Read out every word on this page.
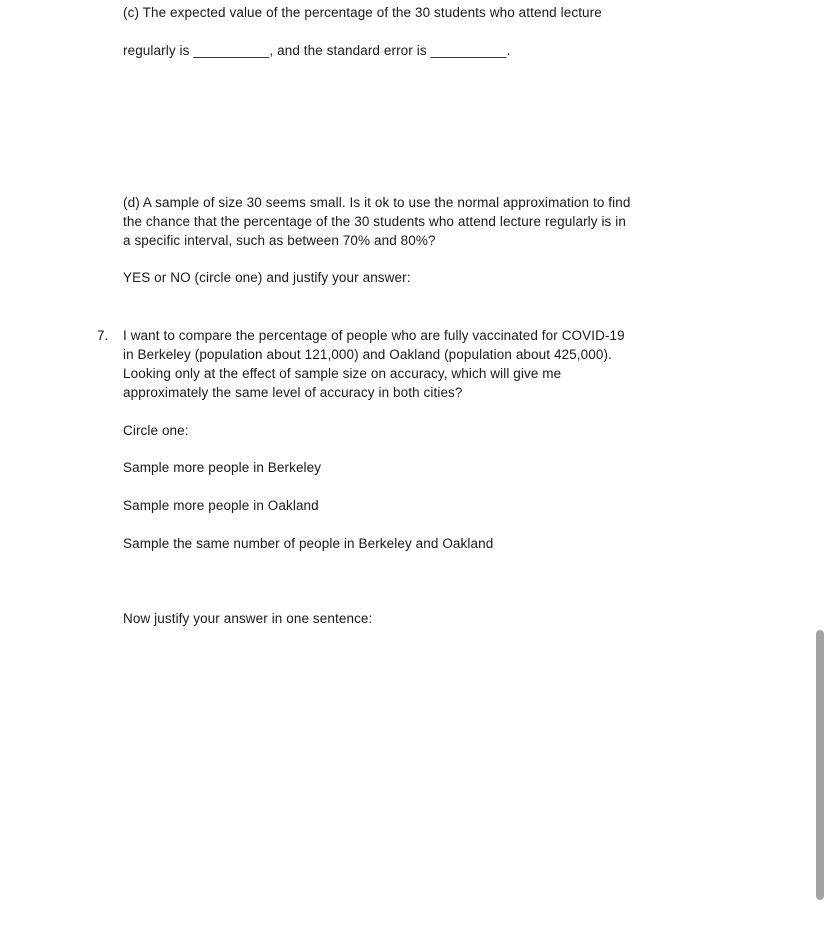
(c) The expected value of the percentage of the 30 students who attend lecture
regularly is __________, and the standard error is __________.
(d) A sample of size 30 seems small. Is it ok to use the normal approximation to find
the chance that the percentage of the 30 students who attend lecture regularly is in
a specific interval, such as between 70% and 80%?
YES or NO (circle one) and justify your answer:
7. I want to compare the percentage of people who are fully vaccinated for COVID-19
in Berkeley (population about 121,000) and Oakland (population about 425,000).
Looking only at the effect of sample size on accuracy, which will give me
approximately the same level of accuracy in both cities?
Circle one:
Sample more people in Berkeley
Sample more people in Oakland
Sample the same number of people in Berkeley and Oakland
Now justify your answer in one sentence:
